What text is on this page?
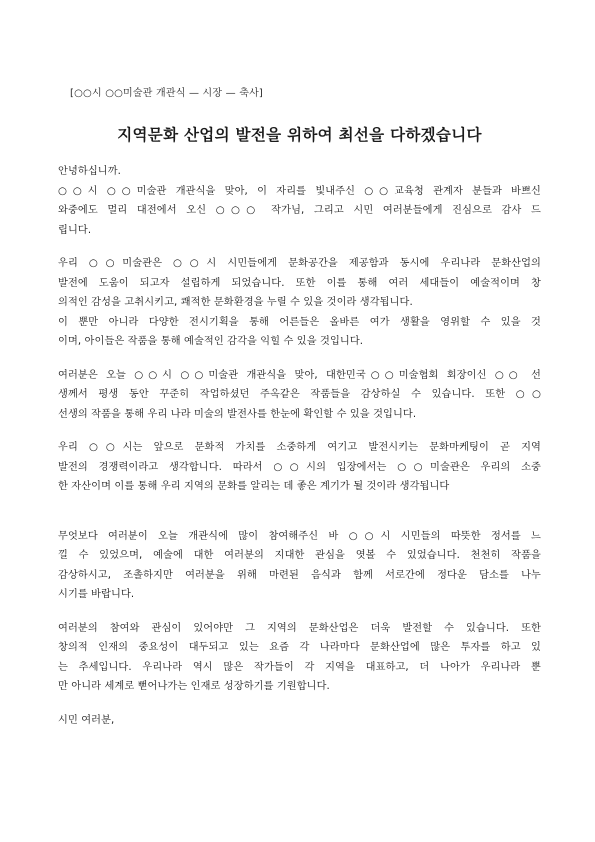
[○○시 ○○미술관 개관식 — 시장 — 축사]
지역문화 산업의 발전을 위하여 최선을 다하겠습니다
안녕하십니까.
○○시 ○○미술관 개관식을 맞아, 이 자리를 빛내주신 ○○교육청 관계자 분들과 바쁘신
와중에도 멀리 대전에서 오신 ○○○ 작가님, 그리고 시민 여러분들에게 진심으로 감사 드
립니다.
우리 ○○미술관은 ○○시 시민들에게 문화공간을 제공함과 동시에 우리나라 문화산업의
발전에 도움이 되고자 설립하게 되었습니다. 또한 이를 통해 여러 세대들이 예술적이며 창
의적인 감성을 고취시키고, 쾌적한 문화환경을 누릴 수 있을 것이라 생각됩니다.
이 뿐만 아니라 다양한 전시기획을 통해 어른들은 올바른 여가 생활을 영위할 수 있을 것
이며, 아이들은 작품을 통해 예술적인 감각을 익힐 수 있을 것입니다.
여러분은 오늘 ○○시 ○○미술관 개관식을 맞아, 대한민국○○미술협회 회장이신 ○○ 선
생께서 평생 동안 꾸준히 작업하셨던 주옥같은 작품들을 감상하실 수 있습니다. 또한 ○○
선생의 작품을 통해 우리 나라 미술의 발전사를 한눈에 확인할 수 있을 것입니다.
우리 ○○시는 앞으로 문화적 가치를 소중하게 여기고 발전시키는 문화마케팅이 곧 지역
발전의 경쟁력이라고 생각합니다. 따라서 ○○시의 입장에서는 ○○미술관은 우리의 소중
한 자산이며 이를 통해 우리 지역의 문화를 알리는 데 좋은 계기가 될 것이라 생각됩니다
무엇보다 여러분이 오늘 개관식에 많이 참여해주신 바 ○○시 시민들의 따뜻한 정서를 느
낄 수 있었으며, 예술에 대한 여러분의 지대한 관심을 엿볼 수 있었습니다. 천천히 작품을
감상하시고, 조촐하지만 여러분을 위해 마련된 음식과 함께 서로간에 정다운 담소를 나누
시기를 바랍니다.
여러분의 참여와 관심이 있어야만 그 지역의 문화산업은 더욱 발전할 수 있습니다. 또한
창의적 인재의 중요성이 대두되고 있는 요즘 각 나라마다 문화산업에 많은 투자를 하고 있
는 추세입니다. 우리나라 역시 많은 작가들이 각 지역을 대표하고, 더 나아가 우리나라 뿐
만 아니라 세계로 뻗어나가는 인재로 성장하기를 기원합니다.
시민 여러분,
